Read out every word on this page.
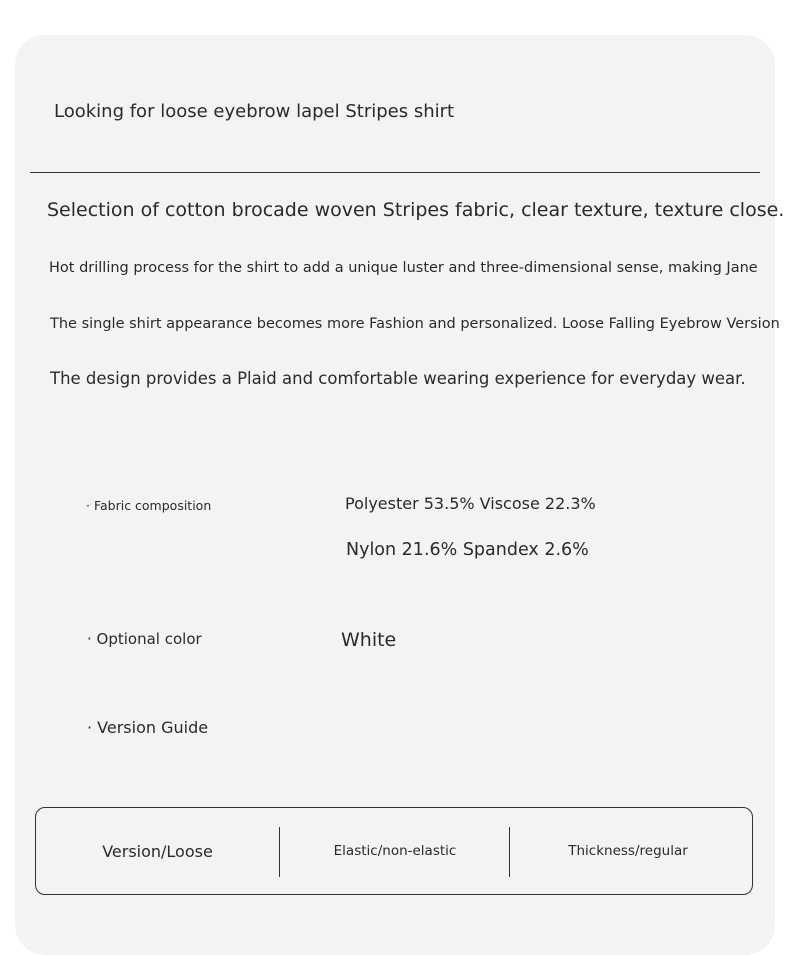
Looking for loose eyebrow lapel Stripes shirt
Selection of cotton brocade woven Stripes fabric, clear texture, texture close.
Hot drilling process for the shirt to add a unique luster and three-dimensional sense, making Jane
The single shirt appearance becomes more Fashion and personalized. Loose Falling Eyebrow Version
The design provides a Plaid and comfortable wearing experience for everyday wear.
· Fabric composition	Polyester 53.5% Viscose 22.3%
Nylon 21.6% Spandex 2.6%
· Optional color	White
· Version Guide
Version/Loose	Elastic/non-elastic	Thickness/regular
